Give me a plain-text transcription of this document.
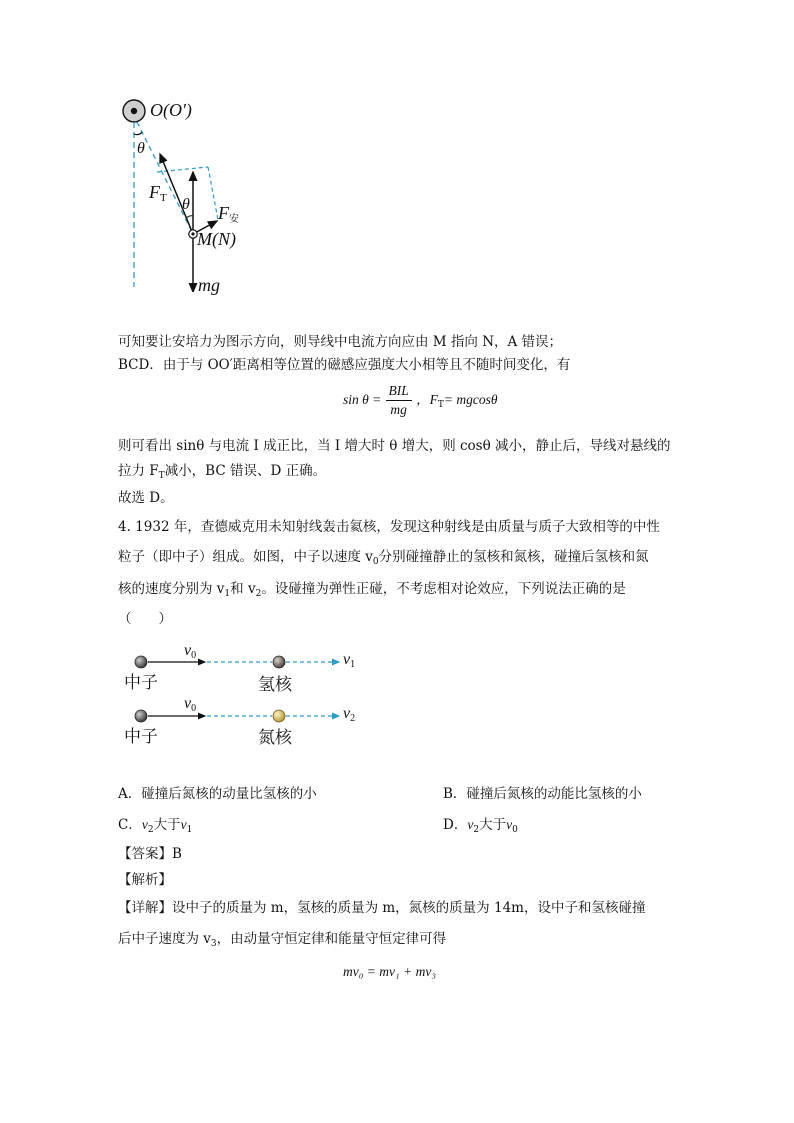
O(O′)
θ
$F_T$ θ $F_安$
M(N)
mg
可知要让安培力为图示方向，则导线中电流方向应由 M 指向 N，A 错误；
BCD．由于与 OO′距离相等位置的磁感应强度大小相等且不随时间变化，有
$\sin \theta = \frac{\text{BIL}}{mg}$ ，$F_T= mgcos\theta$
则可看出 sinθ 与电流 I 成正比，当 I 增大时 θ 增大，则 cosθ 减小，静止后，导线对悬线的
拉力 $F_T$减小，BC 错误、D 正确。
故选 D。
4. 1932 年，查德威克用未知射线轰击氦核，发现这种射线是由质量与质子大致相等的中性
粒子（即中子）组成。如图，中子以速度 $v_0$分别碰撞静止的氢核和氮核，碰撞后氢核和氮
核的速度分别为 $v_1$和 $v_2$。设碰撞为弹性正碰，不考虑相对论效应，下列说法正确的是
（　　）
$v_0$	$v_1$
中子	氢核
$v_0$	$v_2$
中子	氮核
A．碰撞后氮核的动量比氢核的小	B．碰撞后氮核的动能比氢核的小
C．$v_2$大于$v_1$	D．$v_2$大于$v_0$
【答案】B
【解析】
【详解】设中子的质量为 m，氢核的质量为 m，氮核的质量为 14m，设中子和氢核碰撞
后中子速度为 $v_3$，由动量守恒定律和能量守恒定律可得
mv₀ = mv₁ + mv₃
